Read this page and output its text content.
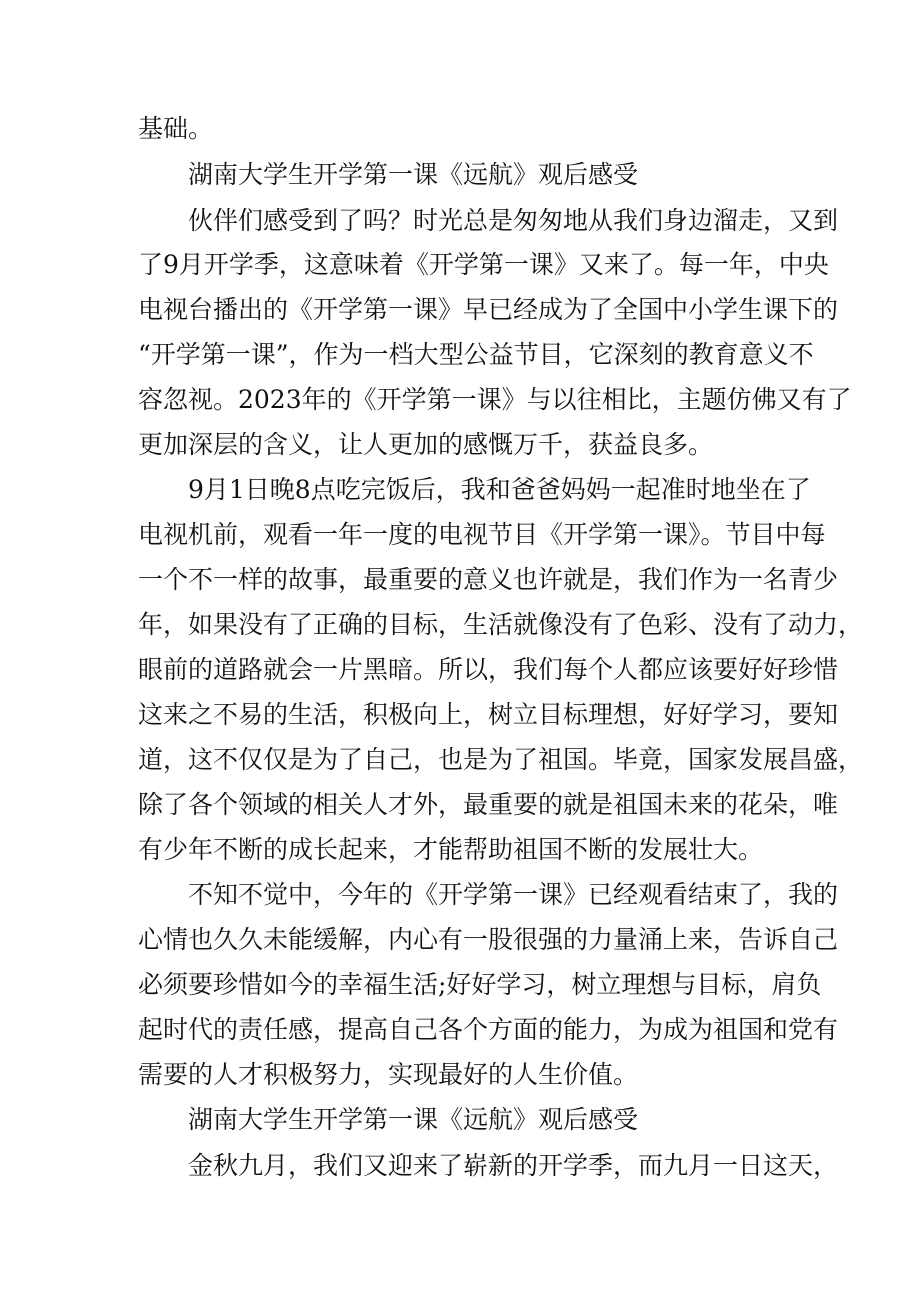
基础。
湖南大学生开学第一课《远航》观后感受
伙伴们感受到了吗？时光总是匆匆地从我们身边溜走，又到
了9月开学季，这意味着《开学第一课》又来了。每一年，中央
电视台播出的《开学第一课》早已经成为了全国中小学生课下的
“开学第一课”，作为一档大型公益节目，它深刻的教育意义不
容忽视。2023年的《开学第一课》与以往相比，主题仿佛又有了
更加深层的含义，让人更加的感慨万千，获益良多。
9月1日晚8点吃完饭后，我和爸爸妈妈一起准时地坐在了
电视机前，观看一年一度的电视节目《开学第一课》。节目中每
一个不一样的故事，最重要的意义也许就是，我们作为一名青少
年，如果没有了正确的目标，生活就像没有了色彩、没有了动力，
眼前的道路就会一片黑暗。所以，我们每个人都应该要好好珍惜
这来之不易的生活，积极向上，树立目标理想，好好学习，要知
道，这不仅仅是为了自己，也是为了祖国。毕竟，国家发展昌盛，
除了各个领域的相关人才外，最重要的就是祖国未来的花朵，唯
有少年不断的成长起来，才能帮助祖国不断的发展壮大。
不知不觉中，今年的《开学第一课》已经观看结束了，我的
心情也久久未能缓解，内心有一股很强的力量涌上来，告诉自己
必须要珍惜如今的幸福生活;好好学习，树立理想与目标，肩负
起时代的责任感，提高自己各个方面的能力，为成为祖国和党有
需要的人才积极努力，实现最好的人生价值。
湖南大学生开学第一课《远航》观后感受
金秋九月，我们又迎来了崭新的开学季，而九月一日这天，
